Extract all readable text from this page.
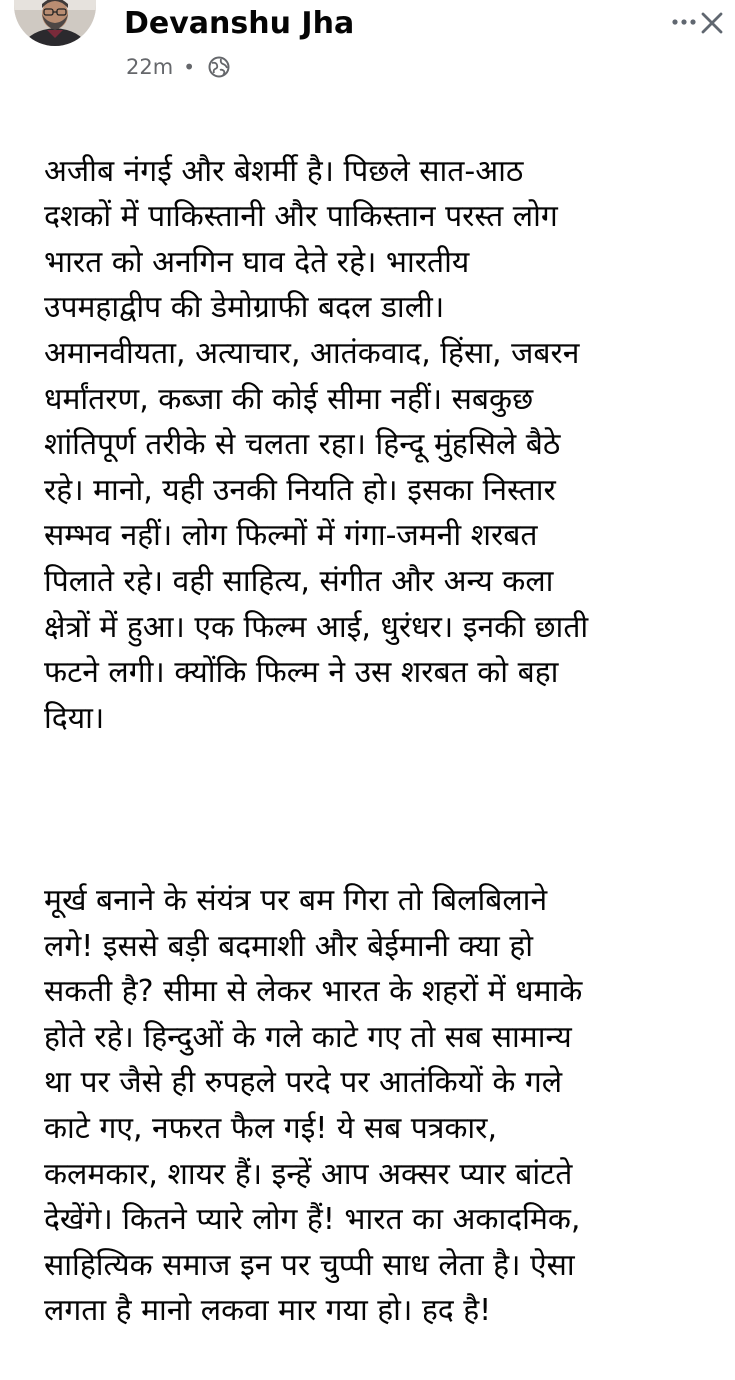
Devanshu Jha
22m •

अजीब नंगई और बेशर्मी है। पिछले सात-आठ
दशकों में पाकिस्तानी और पाकिस्तान परस्त लोग
भारत को अनगिन घाव देते रहे। भारतीय
उपमहाद्वीप की डेमोग्राफी बदल डाली।
अमानवीयता, अत्याचार, आतंकवाद, हिंसा, जबरन
धर्मांतरण, कब्जा की कोई सीमा नहीं। सबकुछ
शांतिपूर्ण तरीके से चलता रहा। हिन्दू मुंहसिले बैठे
रहे। मानो, यही उनकी नियति हो। इसका निस्तार
सम्भव नहीं। लोग फिल्मों में गंगा-जमनी शरबत
पिलाते रहे। वही साहित्य, संगीत और अन्य कला
क्षेत्रों में हुआ। एक फिल्म आई, धुरंधर। इनकी छाती
फटने लगी। क्योंकि फिल्म ने उस शरबत को बहा
दिया।

मूर्ख बनाने के संयंत्र पर बम गिरा तो बिलबिलाने
लगे! इससे बड़ी बदमाशी और बेईमानी क्या हो
सकती है? सीमा से लेकर भारत के शहरों में धमाके
होते रहे। हिन्दुओं के गले काटे गए तो सब सामान्य
था पर जैसे ही रुपहले परदे पर आतंकियों के गले
काटे गए, नफरत फैल गई! ये सब पत्रकार,
कलमकार, शायर हैं। इन्हें आप अक्सर प्यार बांटते
देखेंगे। कितने प्यारे लोग हैं! भारत का अकादमिक,
साहित्यिक समाज इन पर चुप्पी साध लेता है। ऐसा
लगता है मानो लकवा मार गया हो। हद है!
